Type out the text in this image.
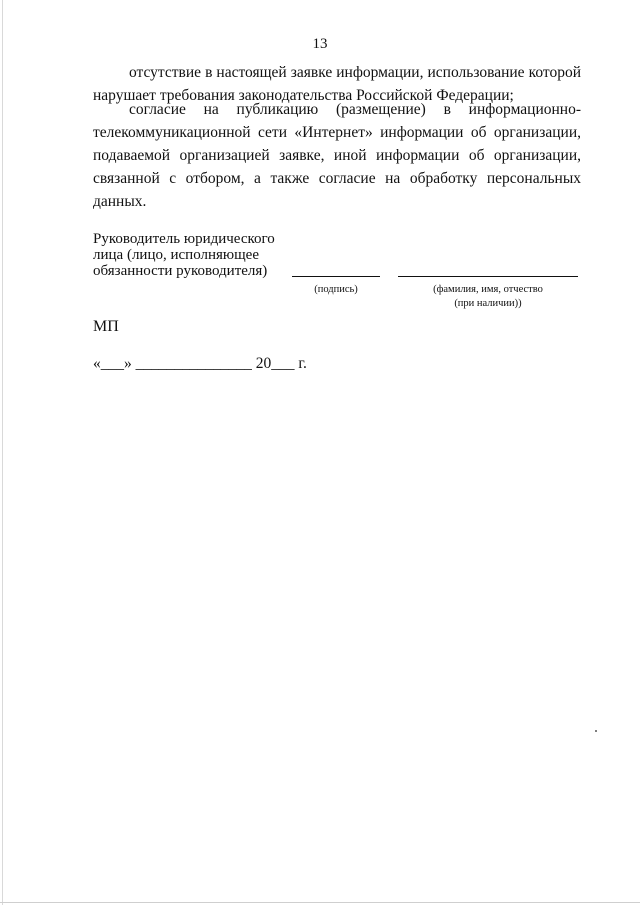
13
отсутствие в настоящей заявке информации, использование которой нарушает требования законодательства Российской Федерации;
согласие на публикацию (размещение) в информационно-телекоммуникационной сети «Интернет» информации об организации, подаваемой организацией заявке, иной информации об организации, связанной с отбором, а также согласие на обработку персональных данных.
Руководитель юридического
лица (лицо, исполняющее
обязанности руководителя)
(подпись)	(фамилия, имя, отчество
(при наличии))
МП
«___» _______________ 20___ г.
